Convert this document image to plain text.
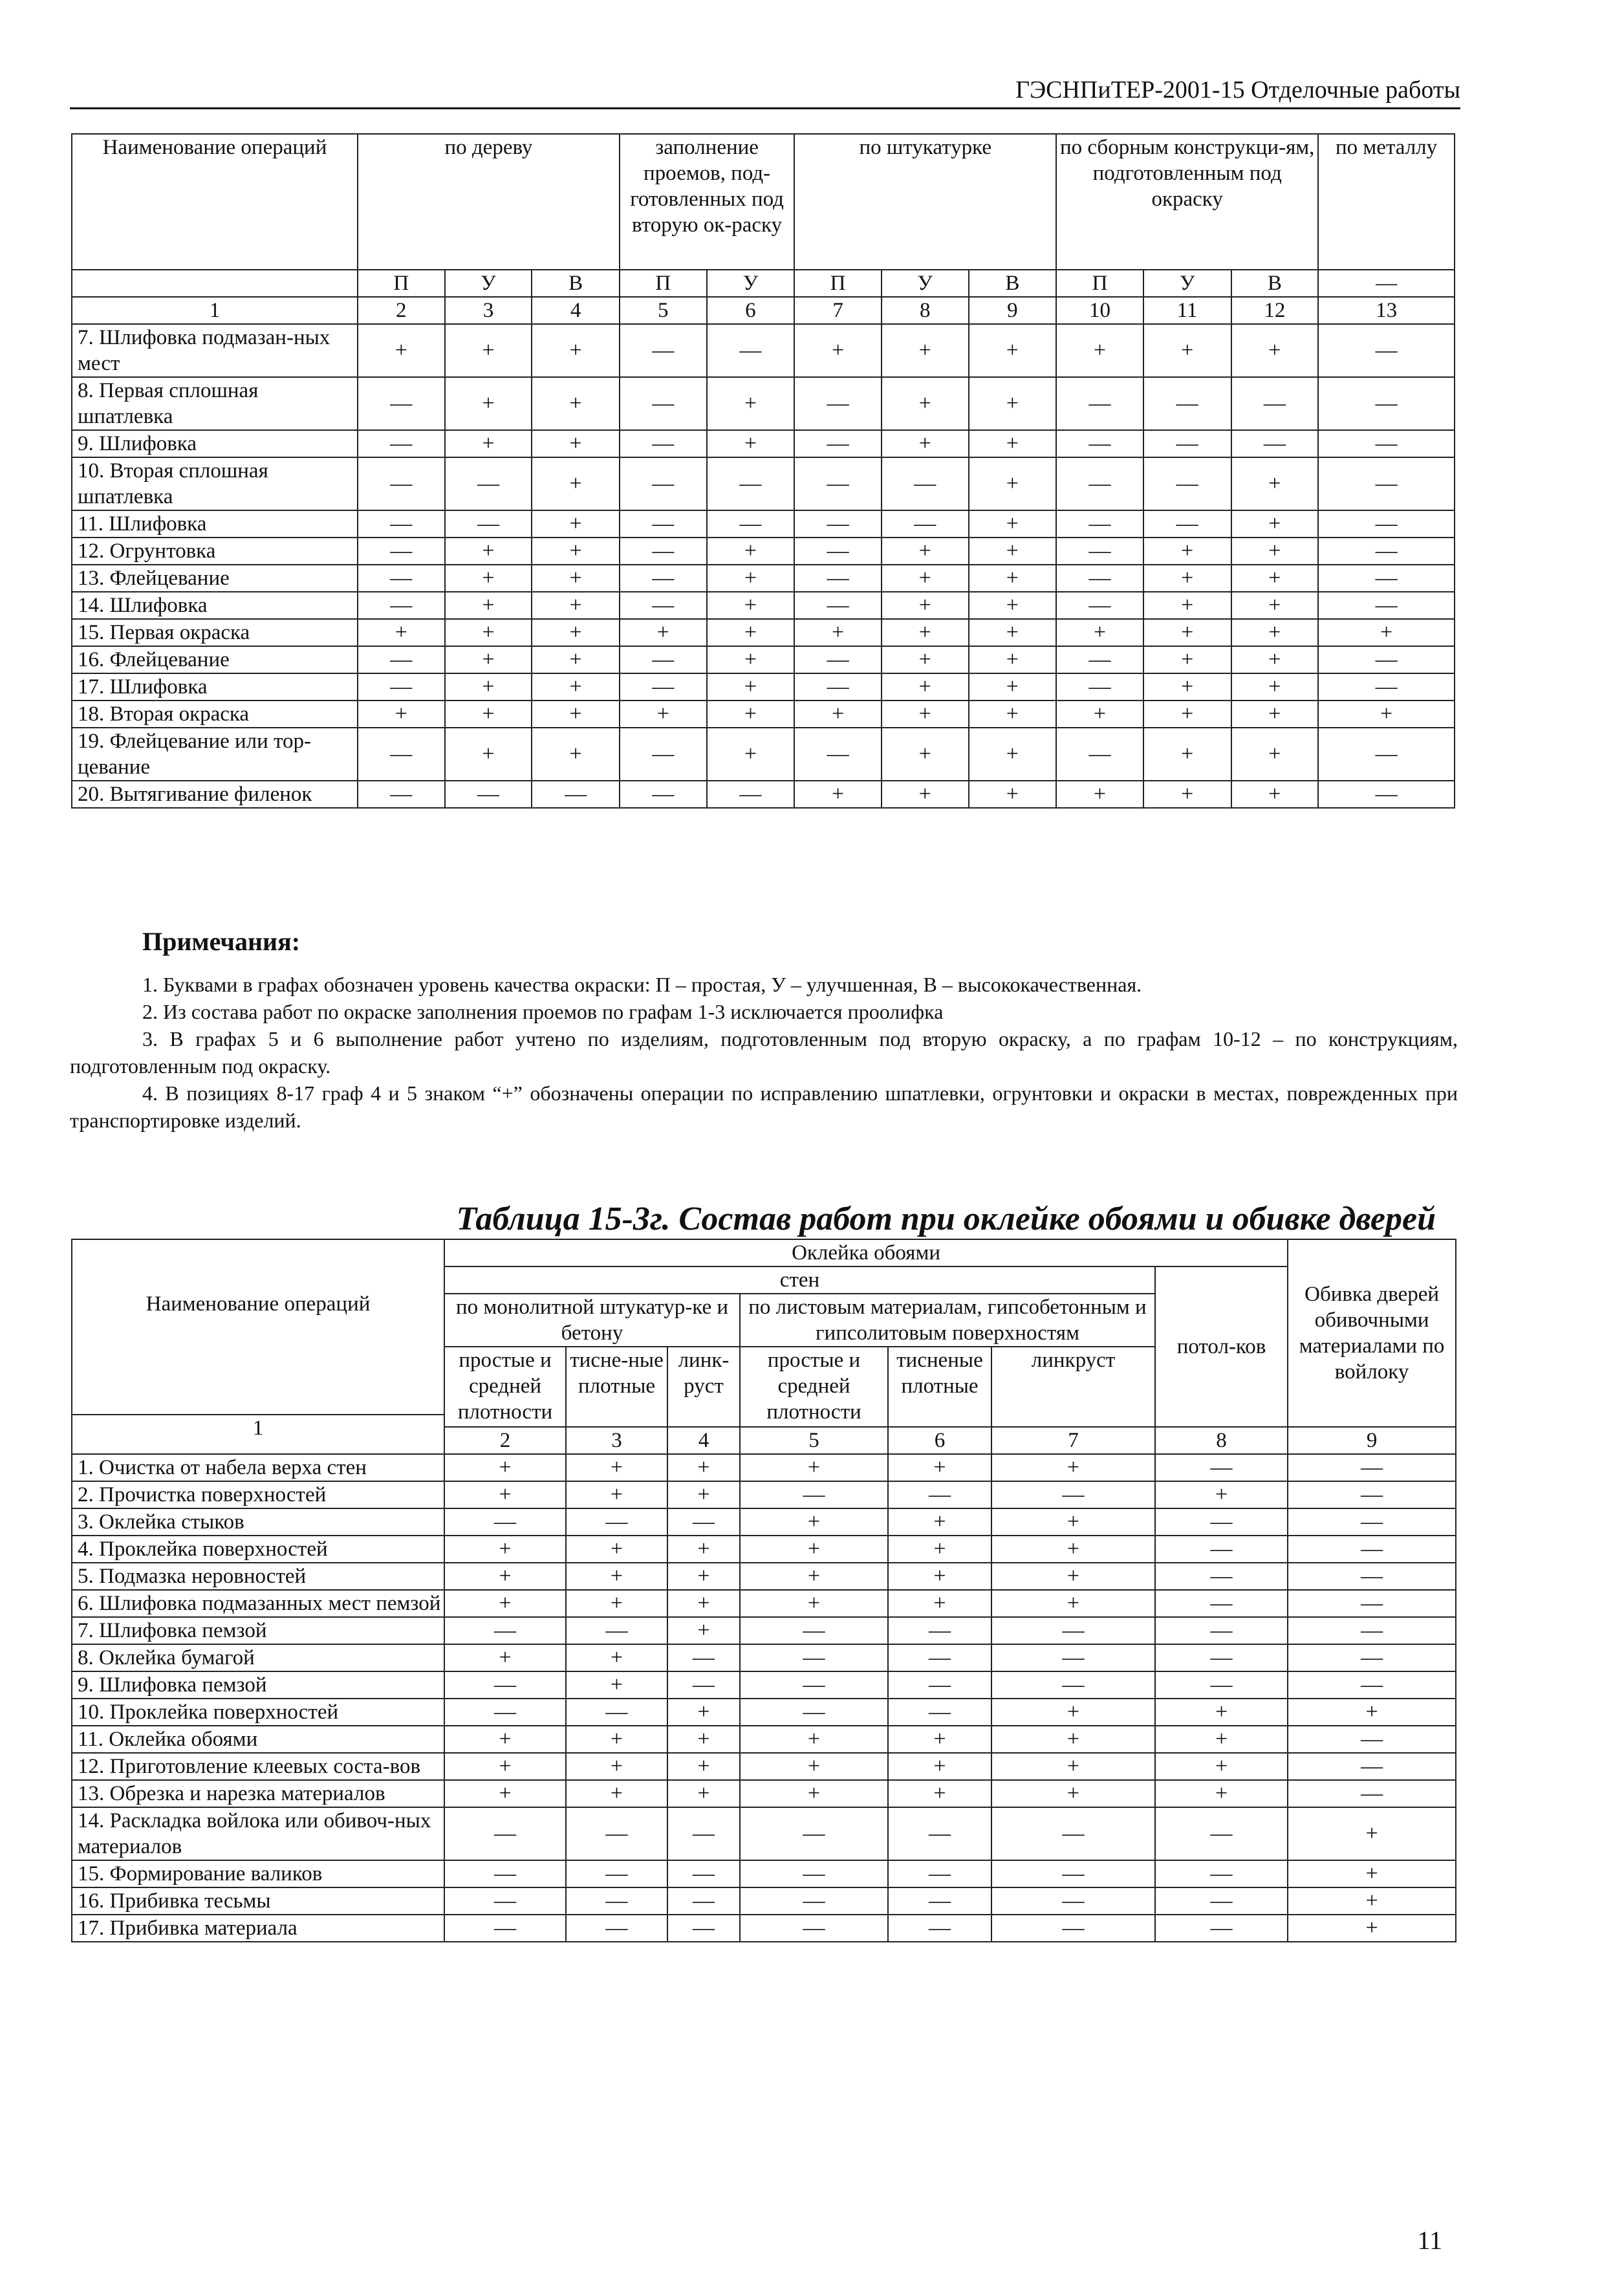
ГЭСНПиТЕР-2001-15 Отделочные работы
Наименование операций	по дереву			заполнение проемов, под-готовленных под вторую ок-раску		по штукатурке			по сборным конструкци-ям, подготовленным под окраску			по металлу
	П	У	В	П	У	П	У	В	П	У	В	—
1	2	3	4	5	6	7	8	9	10	11	12	13
7. Шлифовка подмазан-ных мест	+	+	+	—	—	+	+	+	+	+	+	—
8. Первая сплошная шпатлевка	—	+	+	—	+	—	+	+	—	—	—	—
9. Шлифовка	—	+	+	—	+	—	+	+	—	—	—	—
10. Вторая сплошная шпатлевка	—	—	+	—	—	—	—	+	—	—	+	—
11. Шлифовка	—	—	+	—	—	—	—	+	—	—	+	—
12. Огрунтовка	—	+	+	—	+	—	+	+	—	+	+	—
13. Флейцевание	—	+	+	—	+	—	+	+	—	+	+	—
14. Шлифовка	—	+	+	—	+	—	+	+	—	+	+	—
15. Первая окраска	+	+	+	+	+	+	+	+	+	+	+	+
16. Флейцевание	—	+	+	—	+	—	+	+	—	+	+	—
17. Шлифовка	—	+	+	—	+	—	+	+	—	+	+	—
18. Вторая окраска	+	+	+	+	+	+	+	+	+	+	+	+
19. Флейцевание или тор-цевание	—	+	+	—	+	—	+	+	—	+	+	—
20. Вытягивание филенок	—	—	—	—	—	+	+	+	+	+	+	—

Примечания:

1. Буквами в графах обозначен уровень качества окраски: П – простая, У – улучшенная, В – высококачественная.

2. Из состава работ по окраске заполнения проемов по графам 1-3 исключается проолифка

3. В графах 5 и 6 выполнение работ учтено по изделиям, подготовленным под вторую окраску, а по графам 10-12 – по конструкциям, подготовленным под окраску.

4. В позициях 8-17 граф 4 и 5 знаком “+” обозначены операции по исправлению шпатлевки, огрунтовки и окраски в местах, поврежденных при транспортировке изделий.

Таблица 15-3г. Состав работ при оклейке обоями и обивке дверей
Наименование операций
1	Оклейка обоями							Обивка дверей обивочными материалами по войлоку
	стен						потол-ков	
	по монолитной штукатур-ке и бетону			по листовым материалам, гипсобетонным и гипсолитовым поверхностям				
	простые и средней плотности	тисне-ные плотные	линк-руст	простые и средней плотности	тисненые плотные	линкруст		
	2	3	4	5	6	7	8	9
1. Очистка от набела верха стен	+	+	+	+	+	+	—	—
2. Прочистка поверхностей	+	+	+	—	—	—	+	—
3. Оклейка стыков	—	—	—	+	+	+	—	—
4. Проклейка поверхностей	+	+	+	+	+	+	—	—
5. Подмазка неровностей	+	+	+	+	+	+	—	—
6. Шлифовка подмазанных мест пемзой	+	+	+	+	+	+	—	—
7. Шлифовка пемзой	—	—	+	—	—	—	—	—
8. Оклейка бумагой	+	+	—	—	—	—	—	—
9. Шлифовка пемзой	—	+	—	—	—	—	—	—
10. Проклейка поверхностей	—	—	+	—	—	+	+	+
11. Оклейка обоями	+	+	+	+	+	+	+	—
12. Приготовление клеевых соста-вов	+	+	+	+	+	+	+	—
13. Обрезка и нарезка материалов	+	+	+	+	+	+	+	—
14. Раскладка войлока или обивоч-ных материалов	—	—	—	—	—	—	—	+
15. Формирование валиков	—	—	—	—	—	—	—	+
16. Прибивка тесьмы	—	—	—	—	—	—	—	+
17. Прибивка материала	—	—	—	—	—	—	—	+
11
